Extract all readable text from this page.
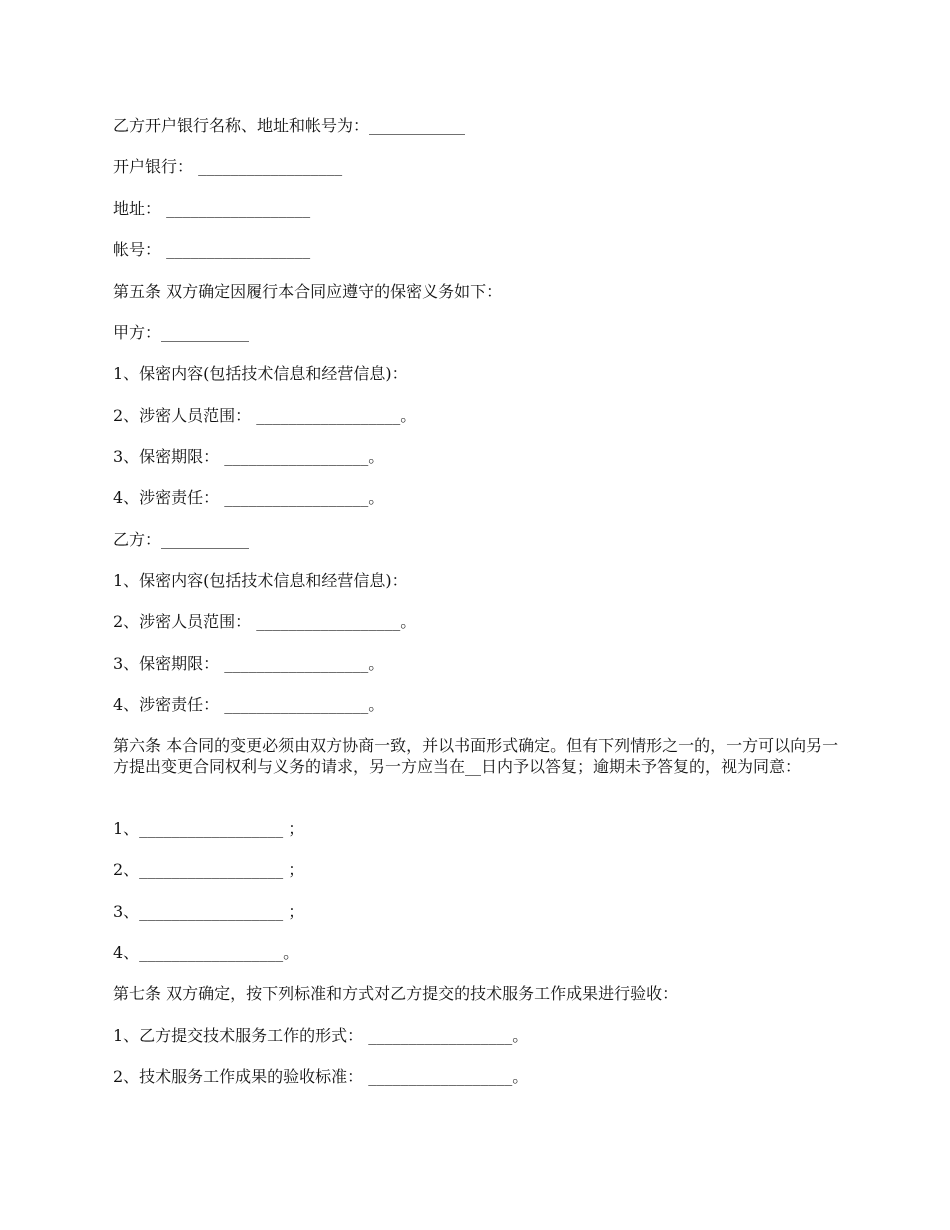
乙方开户银行名称、地址和帐号为：____________
开户银行： __________________
地址： __________________
帐号： __________________
第五条 双方确定因履行本合同应遵守的保密义务如下：
甲方：___________
1、保密内容(包括技术信息和经营信息)：
2、涉密人员范围： __________________。
3、保密期限： __________________。
4、涉密责任： __________________。
乙方：___________
1、保密内容(包括技术信息和经营信息)：
2、涉密人员范围： __________________。
3、保密期限： __________________。
4、涉密责任： __________________。
第六条 本合同的变更必须由双方协商一致，并以书面形式确定。但有下列情形之一的，一方可以向另一方提出变更合同权利与义务的请求，另一方应当在__日内予以答复；逾期未予答复的，视为同意：
1、__________________ ；
2、__________________ ；
3、__________________ ；
4、__________________。
第七条 双方确定，按下列标准和方式对乙方提交的技术服务工作成果进行验收：
1、乙方提交技术服务工作的形式： __________________。
2、技术服务工作成果的验收标准： __________________。
